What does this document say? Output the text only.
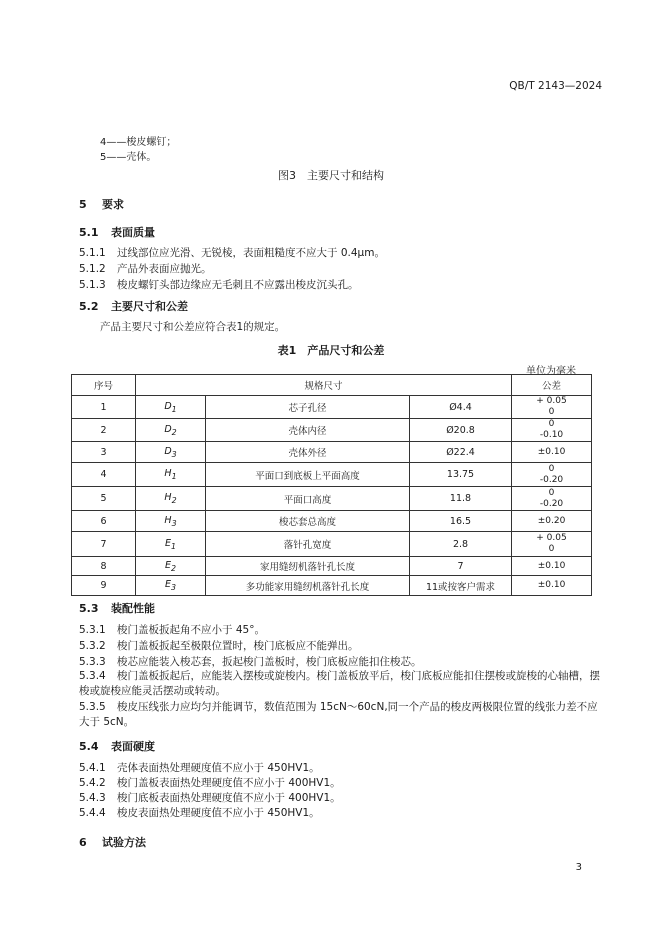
QB/T 2143—2024
4——梭皮螺钉；
5——壳体。
图3　主要尺寸和结构
5 要求
5.1 表面质量
5.1.1 过线部位应光滑、无锐棱，表面粗糙度不应大于 0.4μm。
5.1.2 产品外表面应抛光。
5.1.3 梭皮螺钉头部边缘应无毛刺且不应露出梭皮沉头孔。
5.2 主要尺寸和公差
产品主要尺寸和公差应符合表1的规定。
表1　产品尺寸和公差
单位为毫米
序号	规格尺寸			公差
1	$D_1$	芯子孔径	Ø4.4	+ 0.05
0

2	$D_2$	壳体内径	Ø20.8	0
-0.10

3	$D_3$	壳体外径	Ø22.4	±0.10

4	$H_1$	平面口到底板上平面高度	13.75	0
-0.20

5	$H_2$	平面口高度	11.8	0
-0.20

6	$H_3$	梭芯套总高度	16.5	±0.20

7	$E_1$	落针孔宽度	2.8	+ 0.05
0

8	$E_2$	家用缝纫机落针孔长度	7	±0.10

9	$E_3$	多功能家用缝纫机落针孔长度	11或按客户需求	±0.10
5.3 装配性能
5.3.1 梭门盖板扳起角不应小于 45°。
5.3.2 梭门盖板扳起至极限位置时，梭门底板应不能弹出。
5.3.3 梭芯应能装入梭芯套，扳起梭门盖板时，梭门底板应能扣住梭芯。
5.3.4 梭门盖板扳起后，应能装入摆梭或旋梭内。梭门盖板放平后，梭门底板应能扣住摆梭或旋梭的心轴槽，摆梭或旋梭应能灵活摆动或转动。
5.3.5 梭皮压线张力应均匀并能调节，数值范围为 15cN～60cN,同一个产品的梭皮两极限位置的线张力差不应大于 5cN。
5.4 表面硬度
5.4.1 壳体表面热处理硬度值不应小于 450HV1。
5.4.2 梭门盖板表面热处理硬度值不应小于 400HV1。
5.4.3 梭门底板表面热处理硬度值不应小于 400HV1。
5.4.4 梭皮表面热处理硬度值不应小于 450HV1。
6 试验方法
3
